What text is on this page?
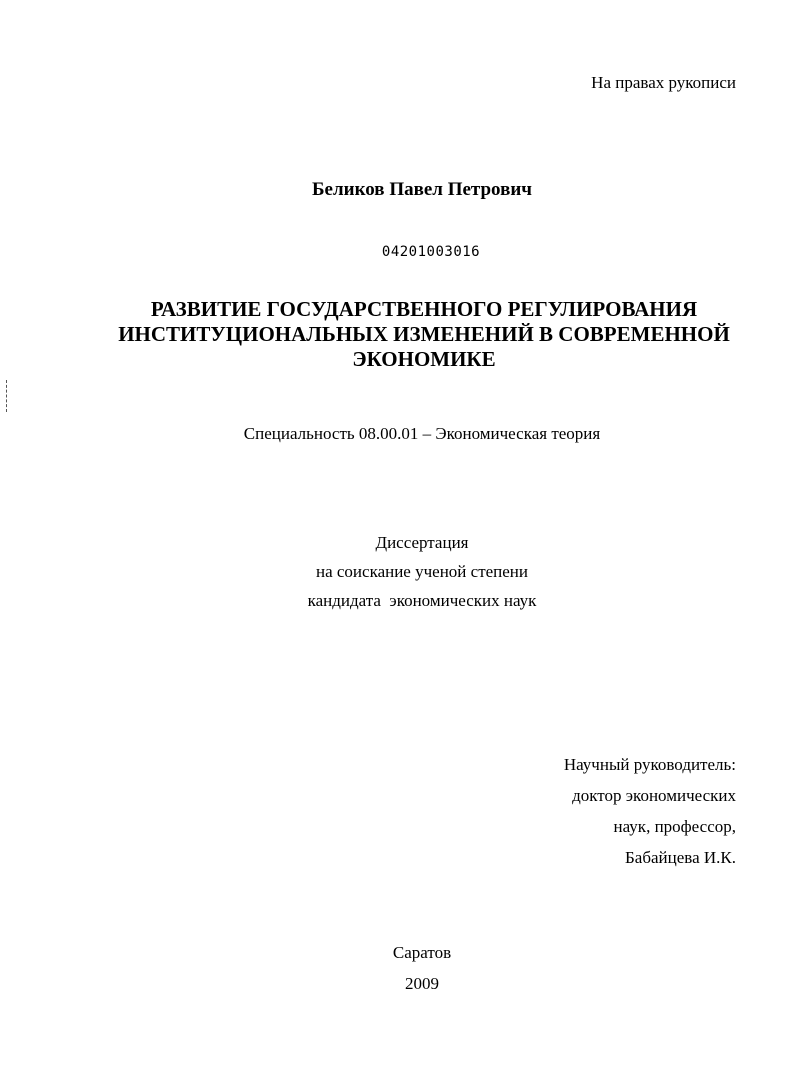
На правах рукописи
Беликов Павел Петрович
04201003016
РАЗВИТИЕ ГОСУДАРСТВЕННОГО РЕГУЛИРОВАНИЯ
ИНСТИТУЦИОНАЛЬНЫХ ИЗМЕНЕНИЙ В СОВРЕМЕННОЙ
ЭКОНОМИКЕ
Специальность 08.00.01 – Экономическая теория
Диссертация
на соискание ученой степени
кандидата  экономических наук
Научный руководитель:
доктор экономических
наук, профессор,
Бабайцева И.К.
Саратов
2009
